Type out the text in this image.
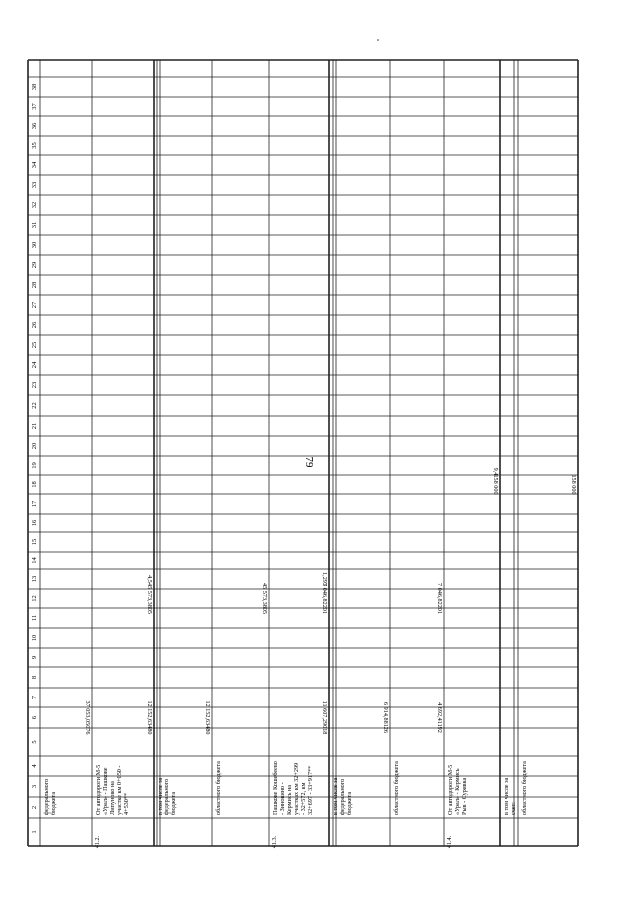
1
2
3
4
5
6
7
8
9
10
11
12
13
14
15
16
17
18
19
20
21
22
23
24
25
26
27
28
29
30
31
32
33
34
35
36
37
38
федерального бюджета
37 053,05076
41.2.
От автодороги М-5 «Урал» - Пашкове Липуново на участке км 0+050 - 4+530**
12 152,63480
45 573,3805
4,5
в том числе за федерального бюджета
12 152,63480
областного бюджета
45 573,3805
41.3.
Пашкове Кошебеево - Зиновино - Кермись на участках км 32+299 - 32+572, км 32+697 - 33+917**
11 607,29018
7 046,82201
1,293
в том числе за федерального бюджета
6 914,88126
областного бюджета
4 692,41192
7 046,82201
41.4.
От автодороги М-5 «Урал» - Кермись Рыв - Сурявка
158 000
9,4
в том числе за счет: областного бюджета
158 000
79
